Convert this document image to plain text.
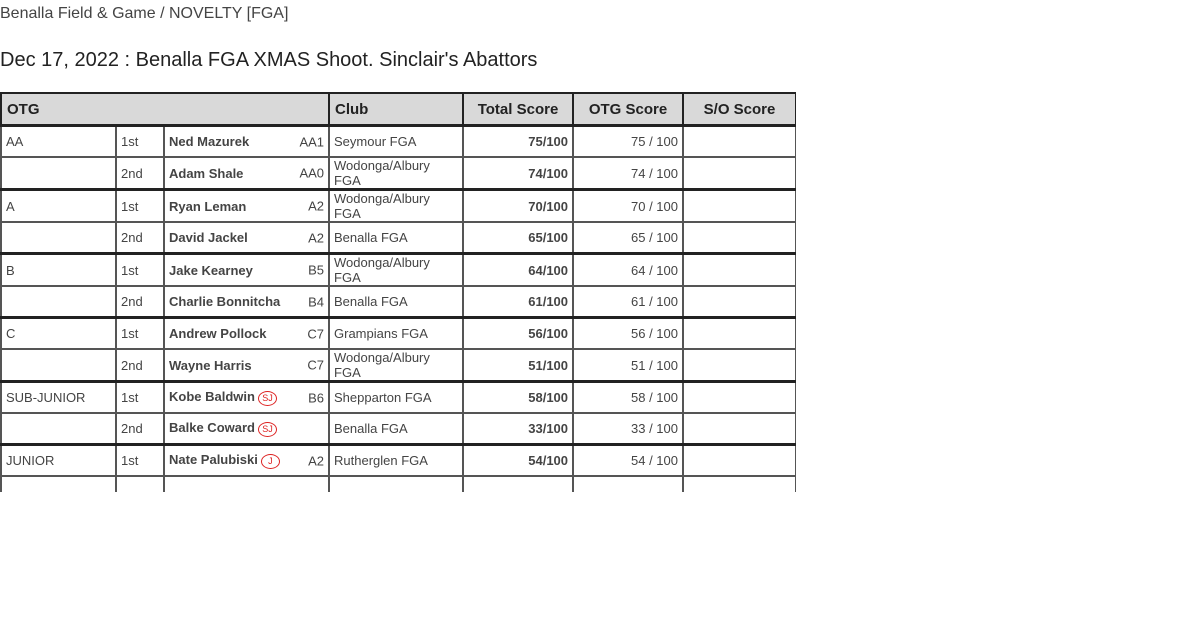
Benalla Field & Game / NOVELTY [FGA]
Dec 17, 2022 : Benalla FGA XMAS Shoot. Sinclair's Abattors
OTG			Club	Total Score	OTG Score	S/O Score
AA	1st	Ned Mazurek AA1	Seymour FGA	75/100	75 / 100	
	2nd	Adam Shale AA0	Wodonga/Albury FGA	74/100	74 / 100	
A	1st	Ryan Leman A2	Wodonga/Albury FGA	70/100	70 / 100	
	2nd	David Jackel A2	Benalla FGA	65/100	65 / 100	
B	1st	Jake Kearney B5	Wodonga/Albury FGA	64/100	64 / 100	
	2nd	Charlie Bonnitcha B4	Benalla FGA	61/100	61 / 100	
C	1st	Andrew Pollock C7	Grampians FGA	56/100	56 / 100	
	2nd	Wayne Harris C7	Wodonga/Albury FGA	51/100	51 / 100	
SUB-JUNIOR	1st	Kobe Baldwin SJ B6	Shepparton FGA	58/100	58 / 100	
	2nd	Balke Coward SJ	Benalla FGA	33/100	33 / 100	
JUNIOR	1st	Nate Palubiski J A2	Rutherglen FGA	54/100	54 / 100	
